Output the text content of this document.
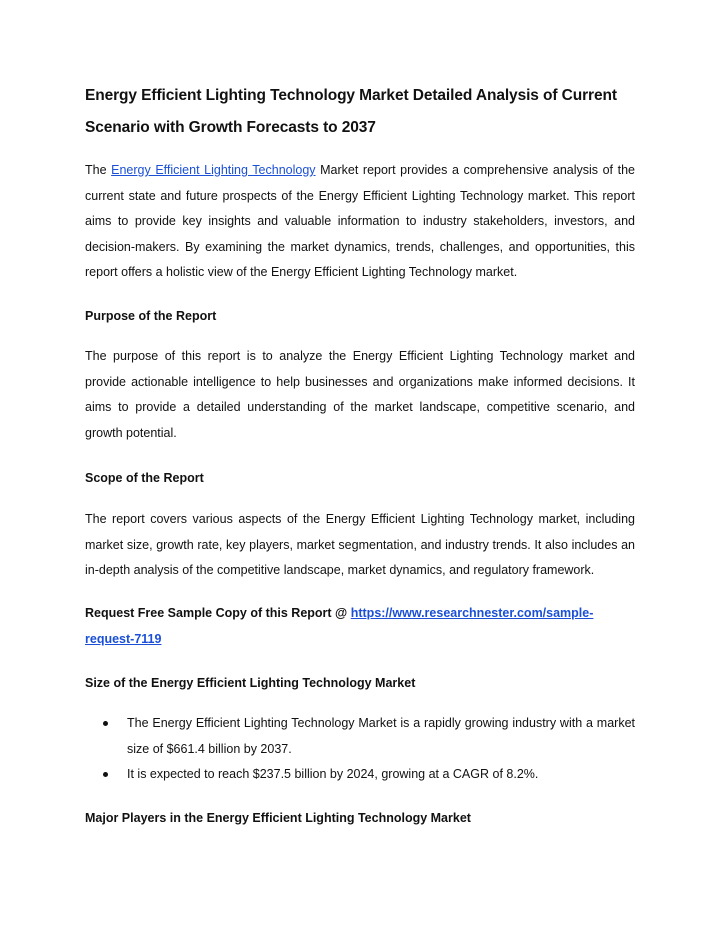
Energy Efficient Lighting Technology Market Detailed Analysis of Current Scenario with Growth Forecasts to 2037

The Energy Efficient Lighting Technology Market report provides a comprehensive analysis of the current state and future prospects of the Energy Efficient Lighting Technology market. This report aims to provide key insights and valuable information to industry stakeholders, investors, and decision-makers. By examining the market dynamics, trends, challenges, and opportunities, this report offers a holistic view of the Energy Efficient Lighting Technology market.

Purpose of the Report

The purpose of this report is to analyze the Energy Efficient Lighting Technology market and provide actionable intelligence to help businesses and organizations make informed decisions. It aims to provide a detailed understanding of the market landscape, competitive scenario, and growth potential.

Scope of the Report

The report covers various aspects of the Energy Efficient Lighting Technology market, including market size, growth rate, key players, market segmentation, and industry trends. It also includes an in-depth analysis of the competitive landscape, market dynamics, and regulatory framework.

Request Free Sample Copy of this Report @ https://www.researchnester.com/sample-request-7119

Size of the Energy Efficient Lighting Technology Market
The Energy Efficient Lighting Technology Market is a rapidly growing industry with a market size of $661.4 billion by 2037.
It is expected to reach $237.5 billion by 2024, growing at a CAGR of 8.2%.
Major Players in the Energy Efficient Lighting Technology Market
